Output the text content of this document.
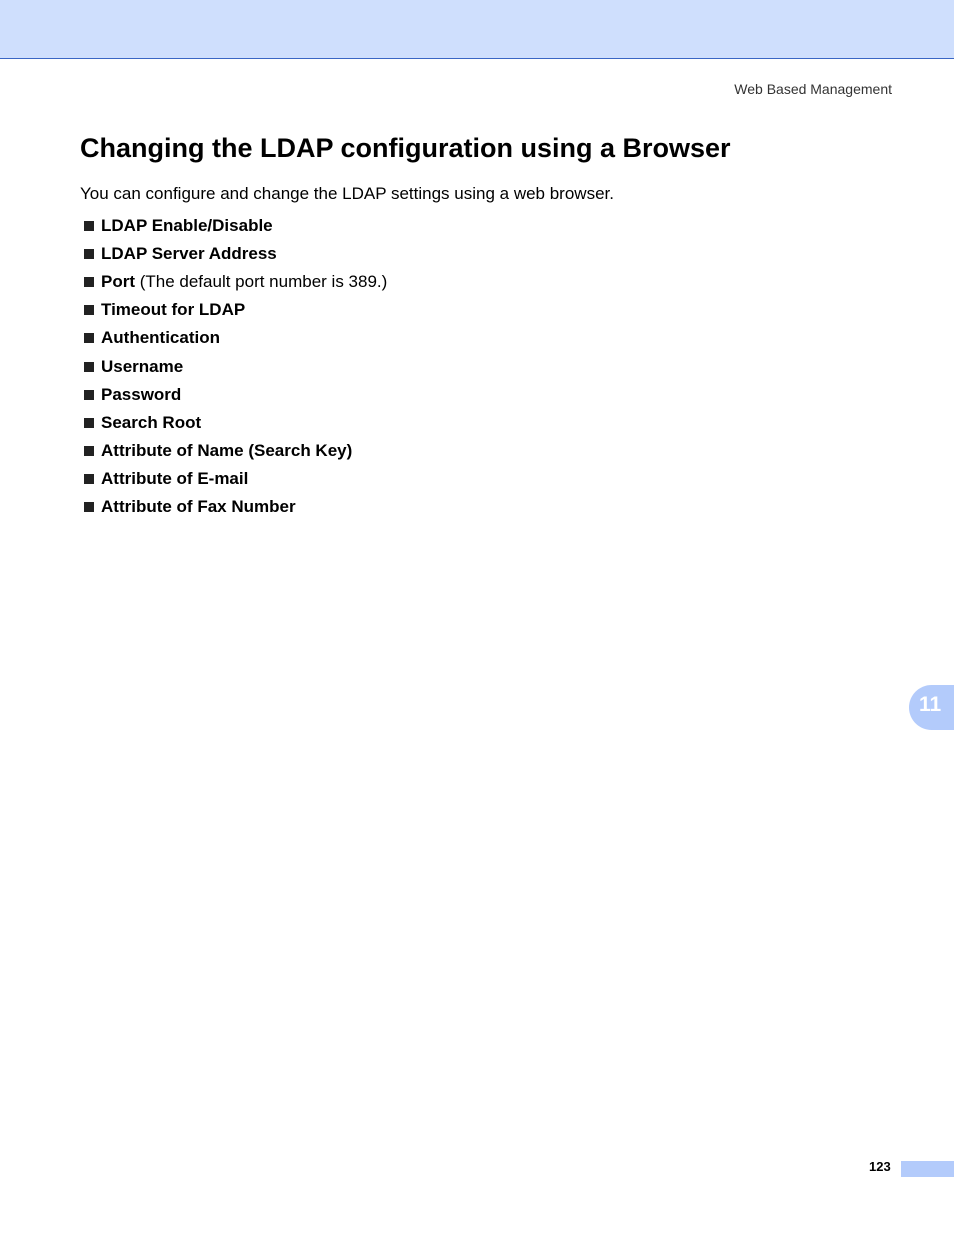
Web Based Management
Changing the LDAP configuration using a Browser

You can configure and change the LDAP settings using a web browser.

LDAP Enable/Disable
LDAP Server Address
Port (The default port number is 389.)
Timeout for LDAP
Authentication
Username
Password
Search Root
Attribute of Name (Search Key)
Attribute of E-mail
Attribute of Fax Number
11
123
